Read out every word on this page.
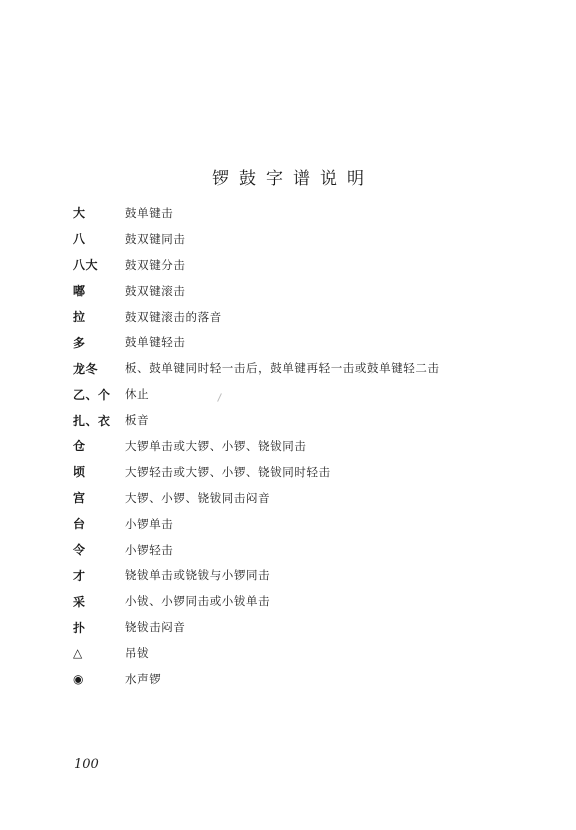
锣鼓字谱说明
大	鼓单键击
八	鼓双键同击
八大	鼓双键分击
嘟	鼓双键滚击
拉	鼓双键滚击的落音
多	鼓单键轻击
龙冬	板、鼓单键同时轻一击后，鼓单键再轻一击或鼓单键轻二击
乙、个	休止
扎、衣	板音
仓	大锣单击或大锣、小锣、铙钹同击
顷	大锣轻击或大锣、小锣、铙钹同时轻击
宫	大锣、小锣、铙钹同击闷音
台	小锣单击
令	小锣轻击
才	铙钹单击或铙钹与小锣同击
采	小钹、小锣同击或小钹单击
扑	铙钹击闷音
△	吊钹
◉	水声锣
100
